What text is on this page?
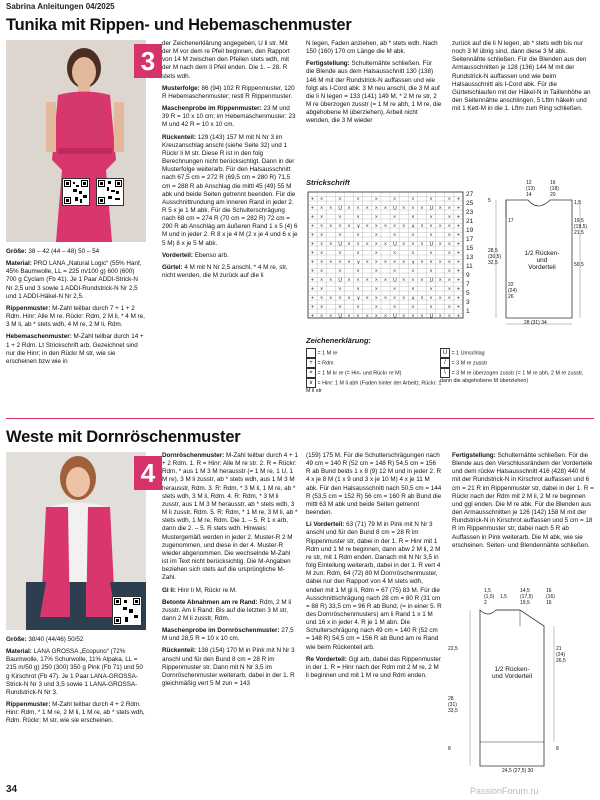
Sabrina Anleitungen 04/2025
Tunika mit Rippen- und Hebemaschenmuster
3

Größe: 38 – 42 (44 – 48) 50 – 54

Material: PRO LANA „Natural Logic“ (55% Hanf, 45% Baumwolle, LL = 225 m/100 g) 600 (600) 700 g Cyclam (Fb 41). Je 1 Paar ADDI-Strick-N Nr 2,5 und 3 sowie 1 ADDI-Rundstrick-N Nr 2,5 und 1 ADDI-Häkel-N Nr 2,5.

Rippenmuster: M-Zahl teilbar durch 7 + 1 + 2 Rdm. Hinr: Alle M re. Rückr: Rdm, 2 M li, * 4 M re, 3 M li, ab * stets wdh, 4 M re, 2 M li, Rdm.

Hebemaschenmuster: M-Zahl teilbar durch 14 + 1 + 2 Rdm. Lt Strickschrift arb. Gezeichnet sind nur die Hinr; in den Rückr M str, wie sie erscheinen bzw wie in

der Zeichenerklärung angegeben, U li str. Mit der M vor dem re Pfeil beginnen, den Rapport von 14 M zwischen den Pfeilen stets wdh, mit der M nach dem li Pfeil enden. Die 1. – 28. R stets wdh.

Musterfolge: 86 (94) 102 R Rippenmuster, 120 R Hebemaschenmuster; restl R Rippenmuster.

Maschenprobe im Rippenmuster: 23 M und 39 R = 10 x 10 cm; im Hebemaschenmuster: 23 M und 42 R = 10 x 10 cm.

Rückenteil: 129 (143) 157 M mit N Nr 3 im Kreuzanschlag anschl (siehe Seite 32) und 1 Rückr li M str. Diese R ist in den folg Berechnungen nicht berücksichtigt. Dann in der Musterfolge weiterarb. Für den Halsausschnitt nach 67,5 cm = 272 R (69,5 cm = 280 R) 71,5 cm = 288 R ab Anschlag die mittl 45 (49) 55 M abk und beide Seiten getrennt beenden. Für die Ausschnittrundung am inneren Rand in jeder 2. R 5 x je 1 M abk. Für die Schulterschrägung nach 68 cm = 274 R (70 cm = 282 R) 72 cm = 290 R ab Anschlag am äußeren Rand 1 x 5 (4) 6 M und in jeder 2. R 8 x je 4 M (2 x je 4 und 6 x je 5 M) 8 x je 5 M abk.

Vorderteil: Ebenso arb.

Gürtel: 4 M mit N Nr 2,5 anschl, * 4 M re, str, nicht wenden, die M zurück auf die li

N legen, Faden anziehen, ab * stets wdh. Nach 150 (160) 170 cm Länge die M abk.

Fertigstellung: Schulternähte schließen. Für die Blende aus dem Halsausschnitt 130 (138) 146 M mit der Rundstrick-N auffassen und wie folgt als I-Cord abk: 3 M neu anschl, die 3 M auf die li N legen = 133 (141) 149 M, * 2 M re str, 2 M re überzogen zusstr (= 1 M re abh, 1 M re, die abgehobene M überziehen), Arbeit nicht wenden, die 3 M wieder

zurück auf die li N legen, ab * stets wdh bis nur noch 3 M übrig sind, dann diese 3 M abk. Seitennähte schließen. Für die Blenden aus den Armausschnitten je 128 (136) 144 M mit der Rundstrick-N auffassen und wie beim Halsausschnitt als I-Cord abk. Für die Gürtelschlaufen mit der Häkel-N in Taillenhöhe an den Seitennähte anschlingen, 5 Lftm häkeln und mit 1 Kett-M in die 1. Lftm zum Ring schließen.

Strickschrift
+ × × U × × × × × U × × × U × × +
+ ×	×	×	×	×	×	×	× +
+ × × × × ∨ × × × × × ∨ × × × × +
+ ×	×	×	×	×	×	×	× +
+ × × U × × × × × U × × × U × × +
+ ×	×	×	×	×	×	×	× +
+ × × × × ∨ × × × × × ∨ × × × × +
+ ×	×	×	×	×	×	×	× +
+ × × U × × × × × U × × × U × × +
+ ×	×	×	×	×	×	×	× +
+ × × × × ∨ × × × × × ∨ × × × × +
+ ×	×	×	×	×	×	×	× +
+ × × U × × × × × U × × × U × × +
+ ×	×	×	×	×	×	×	× +
27
25
23
21
19
17
15
13
11
9
7
5
3
1
Zeichenerklärung:
= 1 M re
+ = Rdm
× = 1 M kr re (= Hin- und Rückr re M)
∨ = Hinr: 1 M li abh (Faden hinter der Arbeit); Rückr: 1 M li str
U = 1 Umschlag
/ = 3 M re zusstr
\ = 3 M re überzogen zusstr (= 1 M re abh, 2 M re zusstr, dann die abgehobene M überziehen)
1/2 Rücken- und Vorderteil
12
(13)
14
16
(18)
20
5
17
28,5
(30,5)
32,5
1,5
19,5
(19,5)
21,5
22
(24)
26
50,5
28 (31) 34
Weste mit Dornröschenmuster
4

Größe: 38/40 (44/46) 50/52

Material: LANA GROSSA „Ecopuno“ (72% Baumwolle, 17% Schurwolle, 11% Alpaka, LL = 215 m/50 g) 250 (300) 350 g Pink (Fb 71) und 50 g Kirschrot (Fb 47). Je 1 Paar LANA-GROSSA-Strick-N Nr 3 und 3,5 sowie 1 LANA-GROSSA-Rundstrick-N Nr 3.

Rippenmuster: M-Zahl teilbar durch 4 + 2 Rdm. Hinr: Rdm, * 1 M re, 2 M li, 1 M re, ab * stets wdh, Rdm. Rückr: M str, wie sie erscheinen.

Dornröschenmuster: M-Zahl teilbar durch 4 + 1 + 2 Rdm. 1. R = Hinr: Alle M re str. 2. R = Rückr: Rdm, * aus 1 M 3 M herausstr (= 1 M re, 1 U, 1 M re), 3 M li zusstr, ab * stets wdh, aus 1 M 3 M herausstr, Rdm. 3. R: Rdm, * 3 M li, 1 M re, ab * stets wdh, 3 M li, Rdm. 4. R: Rdm, * 3 M li zusstr, aus 1 M 3 M herausstr, ab * stets wdh, 3 M li zusstr, Rdm. 5. R: Rdm, * 1 M re, 3 M li, ab * stets wdh, 1 M re, Rdm. Die 1. – 5. R 1 x arb, dann die 2. – 5. R stets wdh. Hinweis: Mustergemäß werden in jeder 2. Muster-R 2 M zugenommen, und diese in der 4. Muster-R wieder abgenommen. Die wechselnde M-Zahl ist im Text nicht berücksichtig. Die M-Angaben beziehen sich stets auf die ursprüngliche M-Zahl.

Gl li: Hinr li M, Rückr re M.

Betonte Abnahmen am re Rand: Rdm, 2 M li zusstr. Am li Rand: Bis auf die letzten 3 M str, dann 2 M li zusstr, Rdm.

Maschenprobe im Dornröschenmuster: 27,5 M und 28,5 R = 10 x 10 cm.

Rückenteil: 138 (154) 170 M in Pink mit N Nr 3 anschl und für den Bund 8 cm = 28 R im Rippenmuster str. Dann mit N Nr 3,5 im Dornröschenmuster weiterarb, dabei in der 1. R gleichmäßig vert 5 M zun = 143

(159) 175 M. Für die Schulterschrägungen nach 49 cm = 140 R (52 cm = 148 R) 54,5 cm = 156 R ab Bund beids 1 x 8 (9) 12 M und in jeder 2. R 4 x je 8 M (1 x 9 und 3 x je 10 M) 4 x je 11 M abk. Für den Halsausschnitt nach 50,5 cm = 144 R (53,5 cm = 152 R) 56 cm = 160 R ab Bund die mittl 63 M abk und beide Seiten getrennt beenden.

Li Vorderteil: 63 (71) 79 M in Pink mit N Nr 3 anschl und für den Bund 8 cm = 28 R im Rippenmuster str, dabei in der 1. R = Hinr mit 1 Rdm und 1 M re beginnen, dann abw 2 M li, 2 M re str, mit 1 Rdm enden. Danach mit N Nr 3,5 in folg Einteilung weiterarb, dabei in der 1. R vert 4 M zun: Rdm, 64 (72) 80 M Dornröschenmuster, dabei nur den Rapport von 4 M stets wdh, enden mit 1 M gl li, Rdm = 67 (75) 83 M. Für die Ausschnittschrägung nach 28 cm = 80 R (31 cm = 88 R) 33,5 cm = 96 R ab Bund, (= in einer 5. R des Dornröschenmusters) am li Rand 1 x 1 M und 16 x in jeder 4. R je 1 M abn. Die Schulterschrägung nach 49 cm = 140 R (52 cm = 148 R) 54,5 cm = 156 R ab Bund am re Rand wie beim Rückenteil arb.

Re Vorderteil: Ggl arb, dabei das Rippenmuster in der 1. R = Hinr nach der Rdm mit 2 M re, 2 M li beginnen und mit 1 M re und Rdm enden.

Fertigstellung: Schulternähte schließen. Für die Blende aus den Verschlussrändern der Vorderteile und dem rückw Halsausschnitt 416 (428) 440 M mit der Rundstrick-N in Kirschrot auffassen und 6 cm = 21 R im Rippenmuster str, dabei in der 1. R = Rückr nach der Rdm mit 2 M li, 2 M re beginnen und ggl enden. Die M re abk. Für die Blenden aus den Armausschnitten je 126 (142) 158 M mit der Rundstrick-N in Kirschrot auffassen und 5 cm = 18 R im Rippenmuster str, dabei nach 5 R ab Auffassen in Pink weiterarb. Die M abk, wie sie erscheinen. Seiten- und Blendennähte schließen.

1/2 Rücken- und Vorderteil
1,5
(1,5)
2
1,5
14,5
(17,5)
19,5
16
(16)
16
22,5	21
(24)
26,5
28
(31)
33,5
8	8
24,5 (27,5) 30
34	PassionForum.ru
